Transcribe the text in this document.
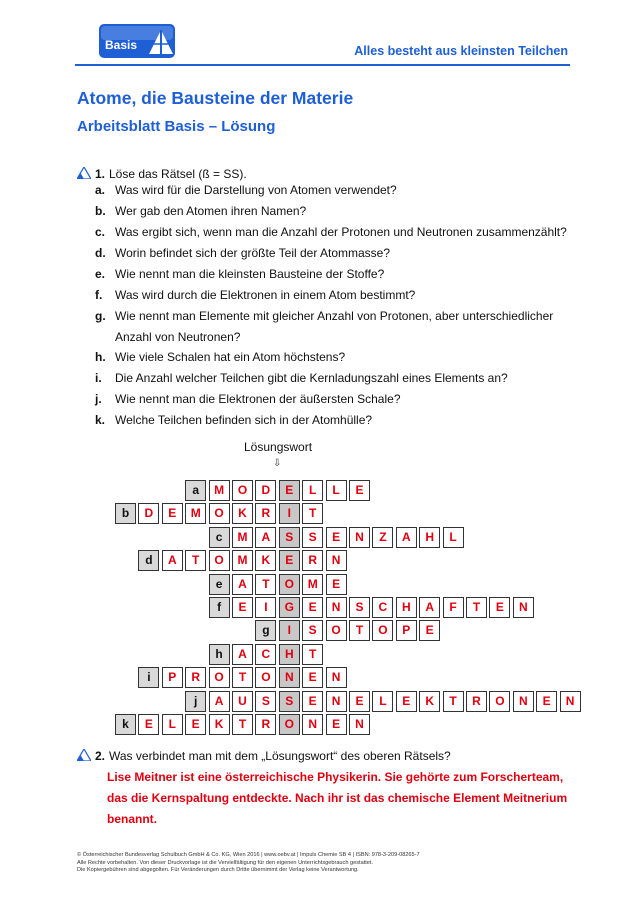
Basis	Alles besteht aus kleinsten Teilchen
Atome, die Bausteine der Materie
Arbeitsblatt Basis – Lösung
1. Löse das Rätsel (ß = SS).
a. Was wird für die Darstellung von Atomen verwendet?
b. Wer gab den Atomen ihren Namen?
c. Was ergibt sich, wenn man die Anzahl der Protonen und Neutronen zusammenzählt?
d. Worin befindet sich der größte Teil der Atommasse?
e. Wie nennt man die kleinsten Bausteine der Stoffe?
f. Was wird durch die Elektronen in einem Atom bestimmt?
g. Wie nennt man Elemente mit gleicher Anzahl von Protonen, aber unterschiedlicher
Anzahl von Neutronen?
h. Wie viele Schalen hat ein Atom höchstens?
i. Die Anzahl welcher Teilchen gibt die Kernladungszahl eines Elements an?
j. Wie nennt man die Elektronen der äußersten Schale?
k. Welche Teilchen befinden sich in der Atomhülle?
Lösungswort
⇩
a	M	O	D	E	L	L	E
b	D	E	M	O	K	R	I	T
c	M	A	S	S	E	N	Z	A	H	L
d	A	T	O	M	K	E	R	N
e	A	T	O	M	E
f	E	I	G	E	N	S	C	H	A	F	T	E	N
g	I	S	O	T	O	P	E
h	A	C	H	T
i	P	R	O	T	O	N	E	N
j	A	U	S	S	E	N	E	L	E	K	T	R	O	N	E	N
k	E	L	E	K	T	R	O	N	E	N
2. Was verbindet man mit dem „Lösungswort“ des oberen Rätsels?
Lise Meitner ist eine österreichische Physikerin. Sie gehörte zum Forscherteam,
das die Kernspaltung entdeckte. Nach ihr ist das chemische Element Meitnerium
benannt.
© Österreichischer Bundesverlag Schulbuch GmbH & Co. KG, Wien 2016 | www.oebv.at | Impuls Chemie SB 4 | ISBN: 978-3-209-08265-7
Alle Rechte vorbehalten. Von dieser Druckvorlage ist die Vervielfältigung für den eigenen Unterrichtsgebrauch gestattet.
Die Kopiergebühren sind abgegolten. Für Veränderungen durch Dritte übernimmt der Verlag keine Verantwortung.
